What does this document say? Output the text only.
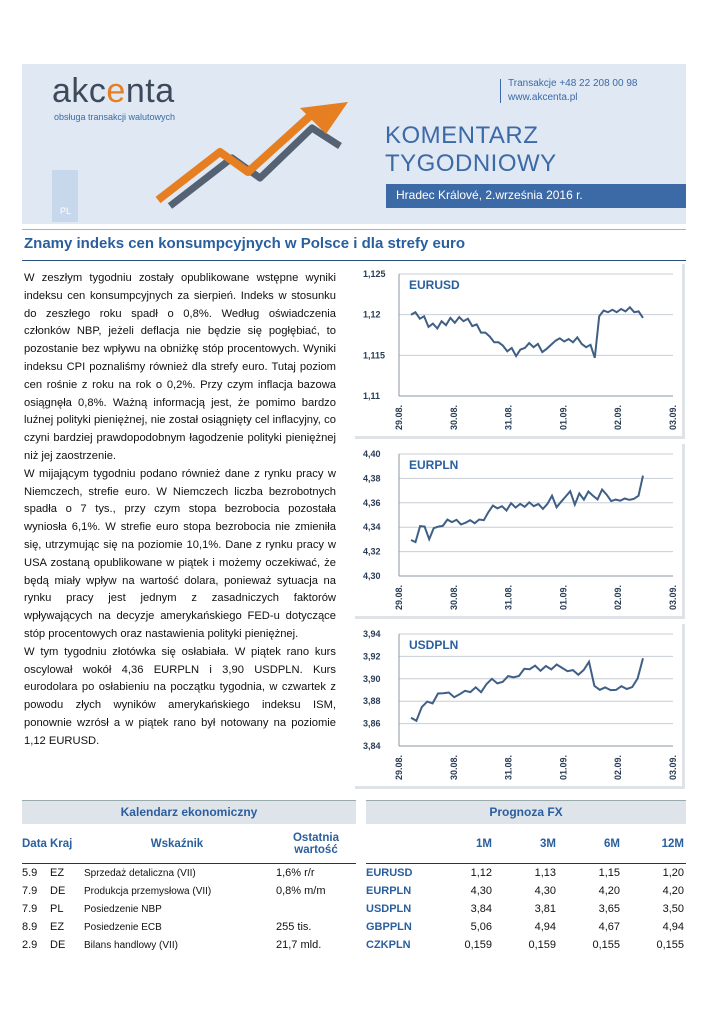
PL
akcenta
obsługa transakcji walutowych
Transakcje +48 22 208 00 98
www.akcenta.pl
KOMENTARZ
TYGODNIOWY
Hradec Králové, 2.września 2016 r.
Znamy indeks cen konsumpcyjnych w Polsce i dla strefy euro

W zeszłym tygodniu zostały opublikowane wstępne wyniki indeksu cen konsumpcyjnych za sierpień. Indeks w stosunku do zeszłego roku spadł o 0,8%. Według oświadczenia członków NBP, jeżeli deflacja nie będzie się pogłębiać, to pozostanie bez wpływu na obniżkę stóp procentowych. Wyniki indeksu CPI poznaliśmy również dla strefy euro. Tutaj poziom cen rośnie z roku na rok o 0,2%. Przy czym inflacja bazowa osiągnęła 0,8%. Ważną informacją jest, że pomimo bardzo luźnej polityki pieniężnej, nie został osiągnięty cel inflacyjny, co czyni bardziej prawdopodobnym łagodzenie polityki pieniężnej niż jej zaostrzenie.

W mijającym tygodniu podano również dane z rynku pracy w Niemczech, strefie euro. W Niemczech liczba bezrobotnych spadła o 7 tys., przy czym stopa bezrobocia pozostała wyniosła 6,1%. W strefie euro stopa bezrobocia nie zmieniła się, utrzymując się na poziomie 10,1%. Dane z rynku pracy w USA zostaną opublikowane w piątek i możemy oczekiwać, że będą miały wpływ na wartość dolara, ponieważ sytuacja na rynku pracy jest jednym z zasadniczych faktorów wpływających na decyzje amerykańskiego FED-u dotyczące stóp procentowych oraz nastawienia polityki pieniężnej.

W tym tygodniu złotówka się osłabiała. W piątek rano kurs oscylował wokół 4,36 EURPLN i 3,90 USDPLN. Kurs eurodolara po osłabieniu na początku tygodnia, w czwartek z powodu złych wyników amerykańskiego indeksu ISM, ponownie wzrósł a w piątek rano był notowany na poziomie 1,12 EURUSD.

1,125
1,12
1,115
1,11
29.08.	30.08.	31.08.	01.09.	02.09.	03.09.
EURUSD
4,40
4,38
4,36
4,34
4,32
4,30
29.08.	30.08.	31.08.	01.09.	02.09.	03.09.
EURPLN
3,94
3,92
3,90
3,88
3,86
3,84
29.08.	30.08.	31.08.	01.09.	02.09.	03.09.
USDPLN
Kalendarz ekonomiczny
Data Kraj	Wskaźnik	Ostatnia wartość
5.9	EZ	Sprzedaż detaliczna (VII)	1,6% r/r
7.9	DE	Produkcja przemysłowa (VII)	0,8% m/m
7.9	PL	Posiedzenie NBP
8.9	EZ	Posiedzenie ECB	255 tis.
2.9	DE	Bilans handlowy (VII)	21,7 mld.
Prognoza FX
1M	3M	6M	12M
EURUSD	1,12	1,13	1,15	1,20
EURPLN	4,30	4,30	4,20	4,20
USDPLN	3,84	3,81	3,65	3,50
GBPPLN	5,06	4,94	4,67	4,94
CZKPLN	0,159	0,159	0,155	0,155
